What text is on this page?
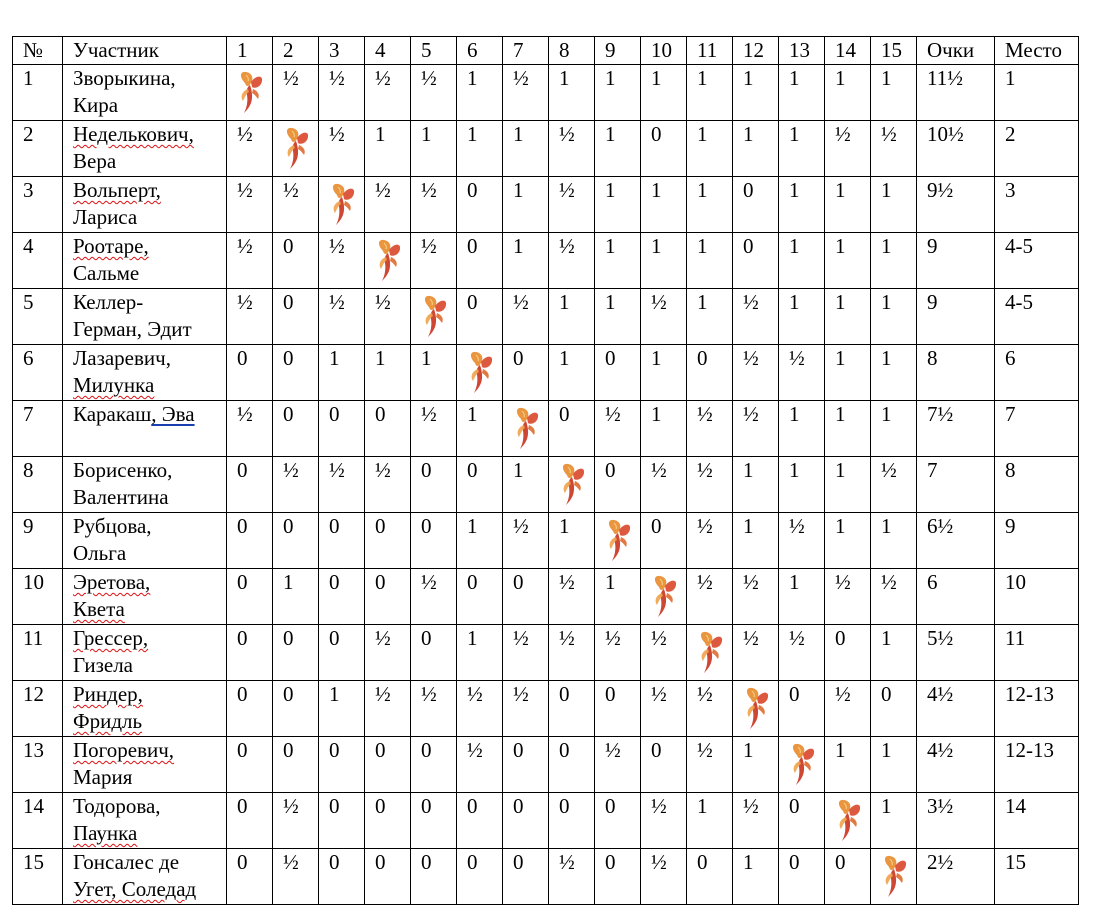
№	Участник	1	2	3	4	5	6	7	8	9	10	11	12	13	14	15	Очки	Место
1	Зворыкина,
Кира		½	½	½	½	1	½	1	1	1	1	1	1	1	1	11½	1
2	Неделькович,
Вера	½		½	1	1	1	1	½	1	0	1	1	1	½	½	10½	2
3	Вольперт,
Лариса	½	½		½	½	0	1	½	1	1	1	0	1	1	1	9½	3
4	Роотаре,
Сальме	½	0	½		½	0	1	½	1	1	1	0	1	1	1	9	4-5
5	Келлер-
Герман, Эдит	½	0	½	½		0	½	1	1	½	1	½	1	1	1	9	4-5
6	Лазаревич,
Милунка	0	0	1	1	1		0	1	0	1	0	½	½	1	1	8	6
7	Каракаш, Эва	½	0	0	0	½	1		0	½	1	½	½	1	1	1	7½	7
8	Борисенко,
Валентина	0	½	½	½	0	0	1		0	½	½	1	1	1	½	7	8
9	Рубцова,
Ольга	0	0	0	0	0	1	½	1		0	½	1	½	1	1	6½	9
10	Эретова,
Квета	0	1	0	0	½	0	0	½	1		½	½	1	½	½	6	10
11	Грессер,
Гизела	0	0	0	½	0	1	½	½	½	½		½	½	0	1	5½	11
12	Риндер,
Фридль	0	0	1	½	½	½	½	0	0	½	½		0	½	0	4½	12-13
13	Погоревич,
Мария	0	0	0	0	0	½	0	0	½	0	½	1		1	1	4½	12-13
14	Тодорова,
Паунка	0	½	0	0	0	0	0	0	0	½	1	½	0		1	3½	14
15	Гонсалес де
Угет, Соледад	0	½	0	0	0	0	0	½	0	½	0	1	0	0		2½	15
